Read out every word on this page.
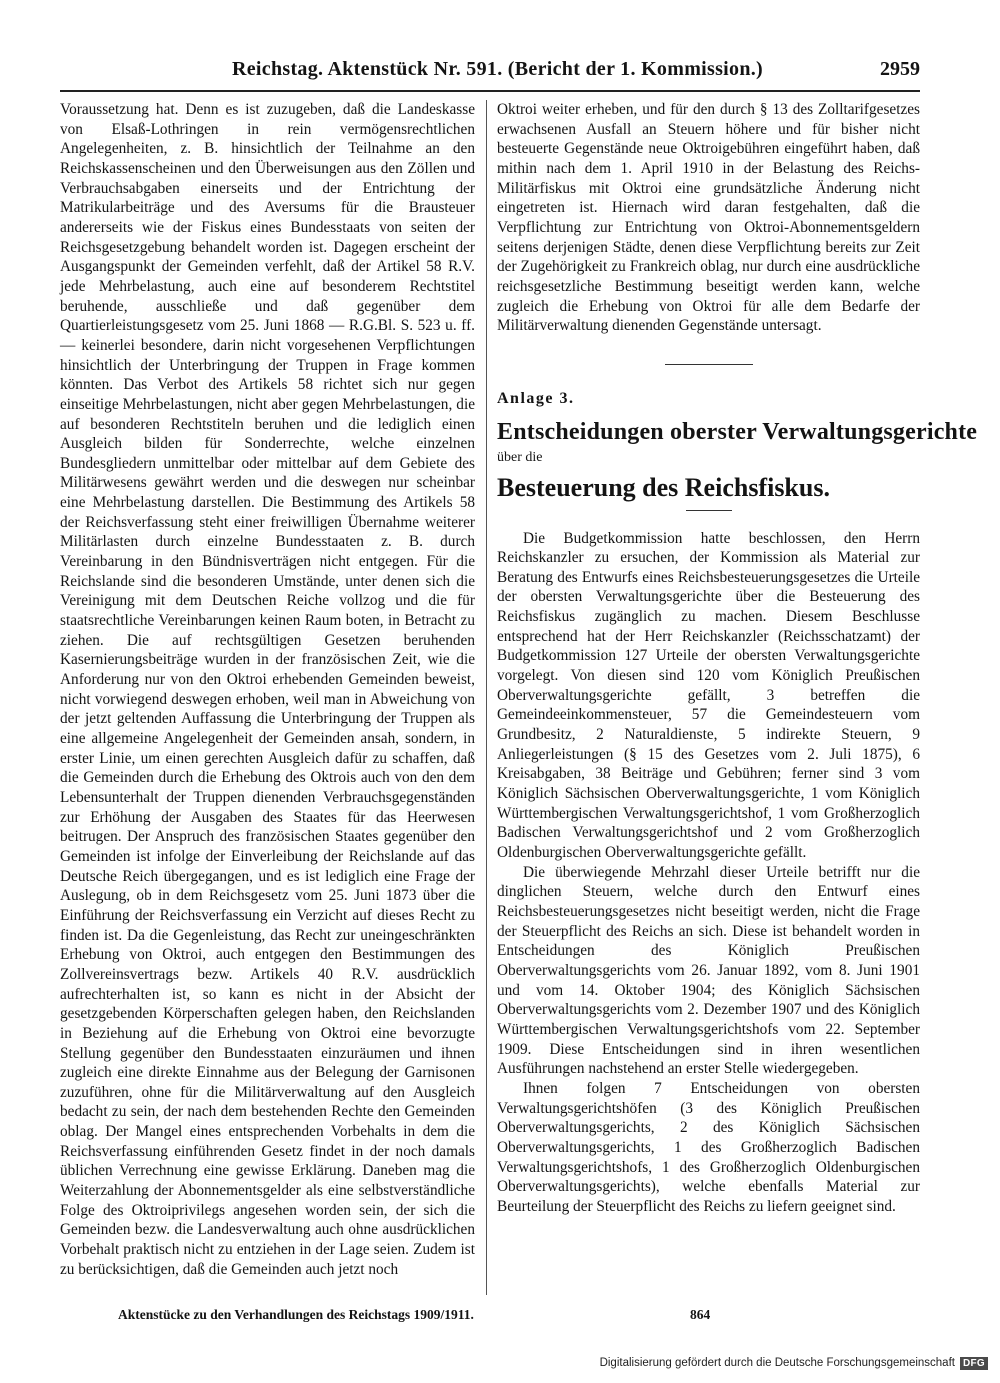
Reichstag. Aktenstück Nr. 591. (Bericht der 1. Kommission.)	2959

Voraussetzung hat. Denn es ist zuzugeben, daß die Landeskasse von Elsaß-Lothringen in rein vermögensrechtlichen Angelegenheiten, z. B. hinsichtlich der Teilnahme an den Reichskassenscheinen und den Überweisungen aus den Zöllen und Verbrauchsabgaben einerseits und der Entrichtung der Matrikularbeiträge und des Aversums für die Brausteuer andererseits wie der Fiskus eines Bundesstaats von seiten der Reichsgesetzgebung behandelt worden ist. Dagegen erscheint der Ausgangspunkt der Gemeinden verfehlt, daß der Artikel 58 R.V. jede Mehrbelastung, auch eine auf besonderem Rechtstitel beruhende, ausschließe und daß gegenüber dem Quartierleistungsgesetz vom 25. Juni 1868 — R.G.Bl. S. 523 u. ff. — keinerlei besondere, darin nicht vorgesehenen Verpflichtungen hinsichtlich der Unterbringung der Truppen in Frage kommen könnten. Das Verbot des Artikels 58 richtet sich nur gegen einseitige Mehrbelastungen, nicht aber gegen Mehrbelastungen, die auf besonderen Rechtstiteln beruhen und die lediglich einen Ausgleich bilden für Sonderrechte, welche einzelnen Bundesgliedern unmittelbar oder mittelbar auf dem Gebiete des Militärwesens gewährt werden und die deswegen nur scheinbar eine Mehrbelastung darstellen. Die Bestimmung des Artikels 58 der Reichsverfassung steht einer freiwilligen Übernahme weiterer Militärlasten durch einzelne Bundesstaaten z. B. durch Vereinbarung in den Bündnisverträgen nicht entgegen. Für die Reichslande sind die besonderen Umstände, unter denen sich die Vereinigung mit dem Deutschen Reiche vollzog und die für staatsrechtliche Vereinbarungen keinen Raum boten, in Betracht zu ziehen. Die auf rechtsgültigen Gesetzen beruhenden Kasernierungsbeiträge wurden in der französischen Zeit, wie die Anforderung nur von den Oktroi erhebenden Gemeinden beweist, nicht vorwiegend deswegen erhoben, weil man in Abweichung von der jetzt geltenden Auffassung die Unterbringung der Truppen als eine allgemeine Angelegenheit der Gemeinden ansah, sondern, in erster Linie, um einen gerechten Ausgleich dafür zu schaffen, daß die Gemeinden durch die Erhebung des Oktrois auch von den dem Lebensunterhalt der Truppen dienenden Verbrauchsgegenständen zur Erhöhung der Ausgaben des Staates für das Heerwesen beitrugen. Der Anspruch des französischen Staates gegenüber den Gemeinden ist infolge der Einverleibung der Reichslande auf das Deutsche Reich übergegangen, und es ist lediglich eine Frage der Auslegung, ob in dem Reichsgesetz vom 25. Juni 1873 über die Einführung der Reichsverfassung ein Verzicht auf dieses Recht zu finden ist. Da die Gegenleistung, das Recht zur uneingeschränkten Erhebung von Oktroi, auch entgegen den Bestimmungen des Zollvereinsvertrags bezw. Artikels 40 R.V. ausdrücklich aufrechterhalten ist, so kann es nicht in der Absicht der gesetzgebenden Körperschaften gelegen haben, den Reichslanden in Beziehung auf die Erhebung von Oktroi eine bevorzugte Stellung gegenüber den Bundesstaaten einzuräumen und ihnen zugleich eine direkte Einnahme aus der Belegung der Garnisonen zuzuführen, ohne für die Militärverwaltung auf den Ausgleich bedacht zu sein, der nach dem bestehenden Rechte den Gemeinden oblag. Der Mangel eines entsprechenden Vorbehalts in dem die Reichsverfassung einführenden Gesetz findet in der noch damals üblichen Verrechnung eine gewisse Erklärung. Daneben mag die Weiterzahlung der Abonnementsgelder als eine selbstverständliche Folge des Oktroiprivilegs angesehen worden sein, der sich die Gemeinden bezw. die Landesverwaltung auch ohne ausdrücklichen Vorbehalt praktisch nicht zu entziehen in der Lage seien. Zudem ist zu berücksichtigen, daß die Gemeinden auch jetzt noch

Oktroi weiter erheben, und für den durch § 13 des Zolltarifgesetzes erwachsenen Ausfall an Steuern höhere und für bisher nicht besteuerte Gegenstände neue Oktroigebühren eingeführt haben, daß mithin nach dem 1. April 1910 in der Belastung des Reichs-Militärfiskus mit Oktroi eine grundsätzliche Änderung nicht eingetreten ist. Hiernach wird daran festgehalten, daß die Verpflichtung zur Entrichtung von Oktroi-Abonnementsgeldern seitens derjenigen Städte, denen diese Verpflichtung bereits zur Zeit der Zugehörigkeit zu Frankreich oblag, nur durch eine ausdrückliche reichsgesetzliche Bestimmung beseitigt werden kann, welche zugleich die Erhebung von Oktroi für alle dem Bedarfe der Militärverwaltung dienenden Gegenstände untersagt.

Anlage 3.

Entscheidungen oberster Verwaltungsgerichte

über die

Besteuerung des Reichsfiskus.

Die Budgetkommission hatte beschlossen, den Herrn Reichskanzler zu ersuchen, der Kommission als Material zur Beratung des Entwurfs eines Reichsbesteuerungsgesetzes die Urteile der obersten Verwaltungsgerichte über die Besteuerung des Reichsfiskus zugänglich zu machen. Diesem Beschlusse entsprechend hat der Herr Reichskanzler (Reichsschatzamt) der Budgetkommission 127 Urteile der obersten Verwaltungsgerichte vorgelegt. Von diesen sind 120 vom Königlich Preußischen Oberverwaltungsgerichte gefällt, 3 betreffen die Gemeindeeinkommensteuer, 57 die Gemeindesteuern vom Grundbesitz, 2 Naturaldienste, 5 indirekte Steuern, 9 Anliegerleistungen (§ 15 des Gesetzes vom 2. Juli 1875), 6 Kreisabgaben, 38 Beiträge und Gebühren; ferner sind 3 vom Königlich Sächsischen Oberverwaltungsgerichte, 1 vom Königlich Württembergischen Verwaltungsgerichtshof, 1 vom Großherzoglich Badischen Verwaltungsgerichtshof und 2 vom Großherzoglich Oldenburgischen Oberverwaltungsgerichte gefällt.

Die überwiegende Mehrzahl dieser Urteile betrifft nur die dinglichen Steuern, welche durch den Entwurf eines Reichsbesteuerungsgesetzes nicht beseitigt werden, nicht die Frage der Steuerpflicht des Reichs an sich. Diese ist behandelt worden in Entscheidungen des Königlich Preußischen Oberverwaltungsgerichts vom 26. Januar 1892, vom 8. Juni 1901 und vom 14. Oktober 1904; des Königlich Sächsischen Oberverwaltungsgerichts vom 2. Dezember 1907 und des Königlich Württembergischen Verwaltungsgerichtshofs vom 22. September 1909. Diese Entscheidungen sind in ihren wesentlichen Ausführungen nachstehend an erster Stelle wiedergegeben.

Ihnen folgen 7 Entscheidungen von obersten Verwaltungsgerichtshöfen (3 des Königlich Preußischen Oberverwaltungsgerichts, 2 des Königlich Sächsischen Oberverwaltungsgerichts, 1 des Großherzoglich Badischen Verwaltungsgerichtshofs, 1 des Großherzoglich Oldenburgischen Oberverwaltungsgerichts), welche ebenfalls Material zur Beurteilung der Steuerpflicht des Reichs zu liefern geeignet sind.

Aktenstücke zu den Verhandlungen des Reichstags 1909/1911.	864
Digitalisierung gefördert durch die Deutsche Forschungsgemeinschaft DFG
